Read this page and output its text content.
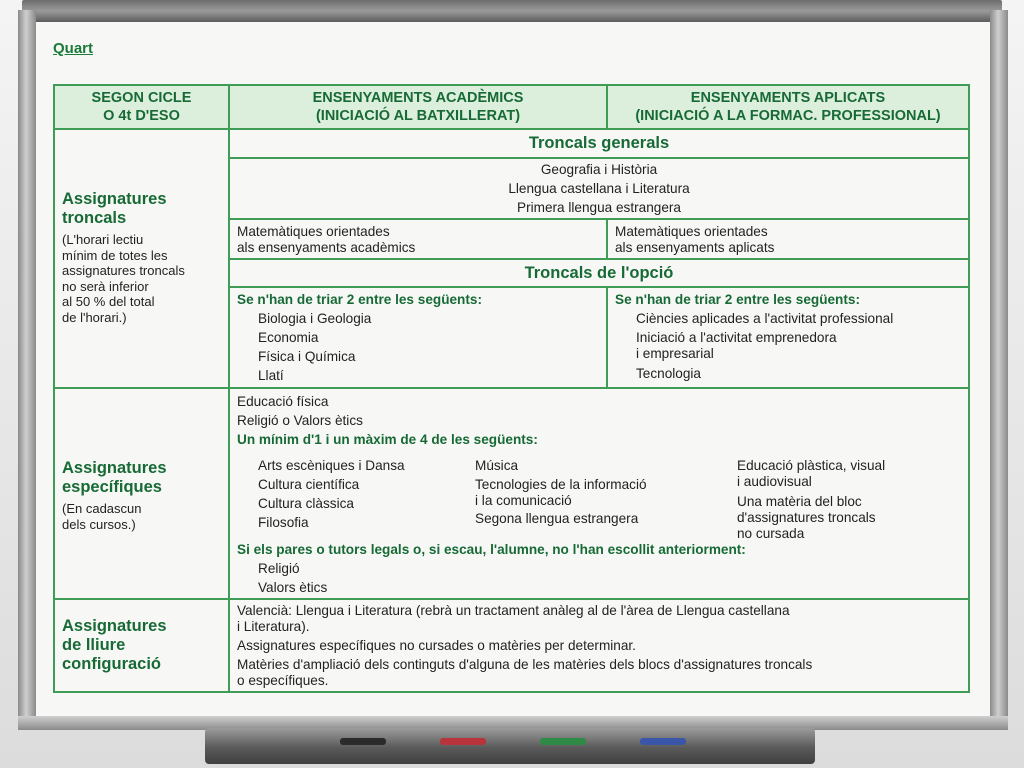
Quart
SEGON CICLE
O 4t D'ESO
ENSENYAMENTS ACADÈMICS
(INICIACIÓ AL BATXILLERAT)
ENSENYAMENTS APLICATS
(INICIACIÓ A LA FORMAC. PROFESSIONAL)
Assignatures
troncals
(L'horari lectiu
mínim de totes les
assignatures troncals
no serà inferior
al 50 % del total
de l'horari.)
Troncals generals
Geografia i Història
Llengua castellana i Literatura
Primera llengua estrangera
Matemàtiques orientades
als ensenyaments acadèmics
Matemàtiques orientades
als ensenyaments aplicats
Troncals de l'opció
Se n'han de triar 2 entre les següents:
Biologia i Geologia
Economia
Física i Química
Llatí
Se n'han de triar 2 entre les següents:
Ciències aplicades a l'activitat professional
Iniciació a l'activitat emprenedora
i empresarial
Tecnologia
Assignatures
específiques
(En cadascun
dels cursos.)
Educació física
Religió o Valors ètics
Un mínim d'1 i un màxim de 4 de les següents:
Arts escèniques i Dansa
Cultura científica
Cultura clàssica
Filosofia
Música
Tecnologies de la informació
i la comunicació
Segona llengua estrangera
Educació plàstica, visual
i audiovisual
Una matèria del bloc
d'assignatures troncals
no cursada
Si els pares o tutors legals o, si escau, l'alumne, no l'han escollit anteriorment:
Religió
Valors ètics
Assignatures
de lliure
configuració
Valencià: Llengua i Literatura (rebrà un tractament anàleg al de l'àrea de Llengua castellana
i Literatura).
Assignatures específiques no cursades o matèries per determinar.
Matèries d'ampliació dels continguts d'alguna de les matèries dels blocs d'assignatures troncals
o específiques.
